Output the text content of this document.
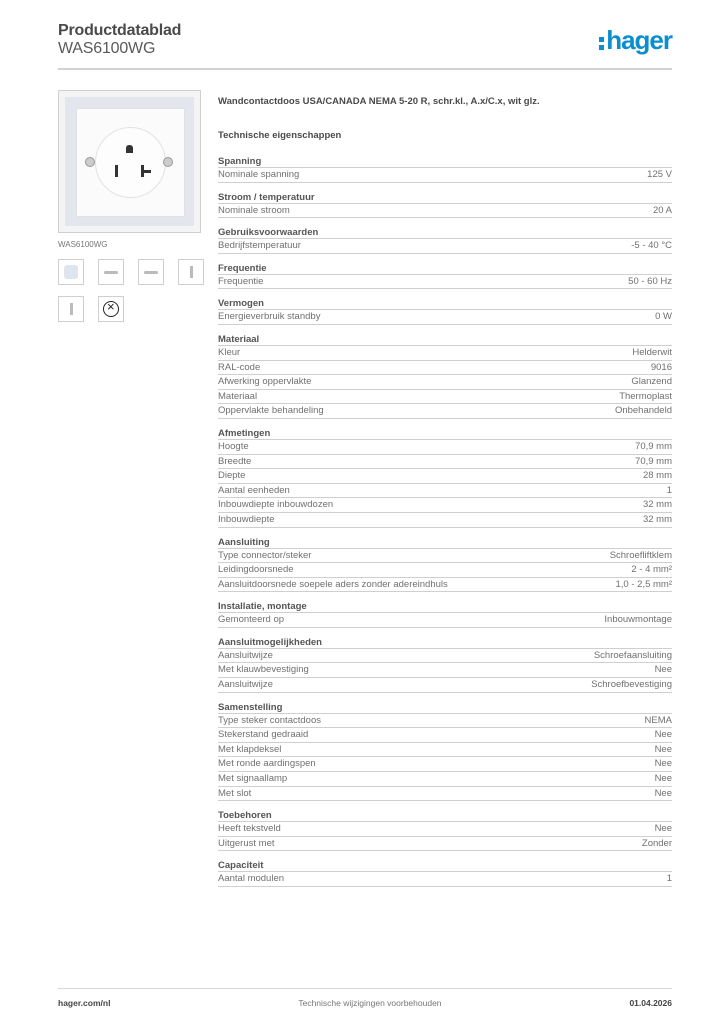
Productdatablad
WAS6100WG	hager
WAS6100WG
×
Wandcontactdoos USA/CANADA NEMA 5-20 R, schr.kl., A.x/C.x, wit glz.
Technische eigenschappen
Spanning
Nominale spanning	125 V
Stroom / temperatuur
Nominale stroom	20 A
Gebruiksvoorwaarden
Bedrijfstemperatuur	-5 - 40 °C
Frequentie
Frequentie	50 - 60 Hz
Vermogen
Energieverbruik standby	0 W
Materiaal
Kleur	Helderwit
RAL-code	9016
Afwerking oppervlakte	Glanzend
Materiaal	Thermoplast
Oppervlakte behandeling	Onbehandeld
Afmetingen
Hoogte	70,9 mm
Breedte	70,9 mm
Diepte	28 mm
Aantal eenheden	1
Inbouwdiepte inbouwdozen	32 mm
Inbouwdiepte	32 mm
Aansluiting
Type connector/steker	Schroefliftklem
Leidingdoorsnede	2 - 4 mm²
Aansluitdoorsnede soepele aders zonder adereindhuls	1,0 - 2,5 mm²
Installatie, montage
Gemonteerd op	Inbouwmontage
Aansluitmogelijkheden
Aansluitwijze	Schroefaansluiting
Met klauwbevestiging	Nee
Aansluitwijze	Schroefbevestiging
Samenstelling
Type steker contactdoos	NEMA
Stekerstand gedraaid	Nee
Met klapdeksel	Nee
Met ronde aardingspen	Nee
Met signaallamp	Nee
Met slot	Nee
Toebehoren
Heeft tekstveld	Nee
Uitgerust met	Zonder
Capaciteit
Aantal modulen	1
hager.com/nl	Technische wijzigingen voorbehouden	01.04.2026
